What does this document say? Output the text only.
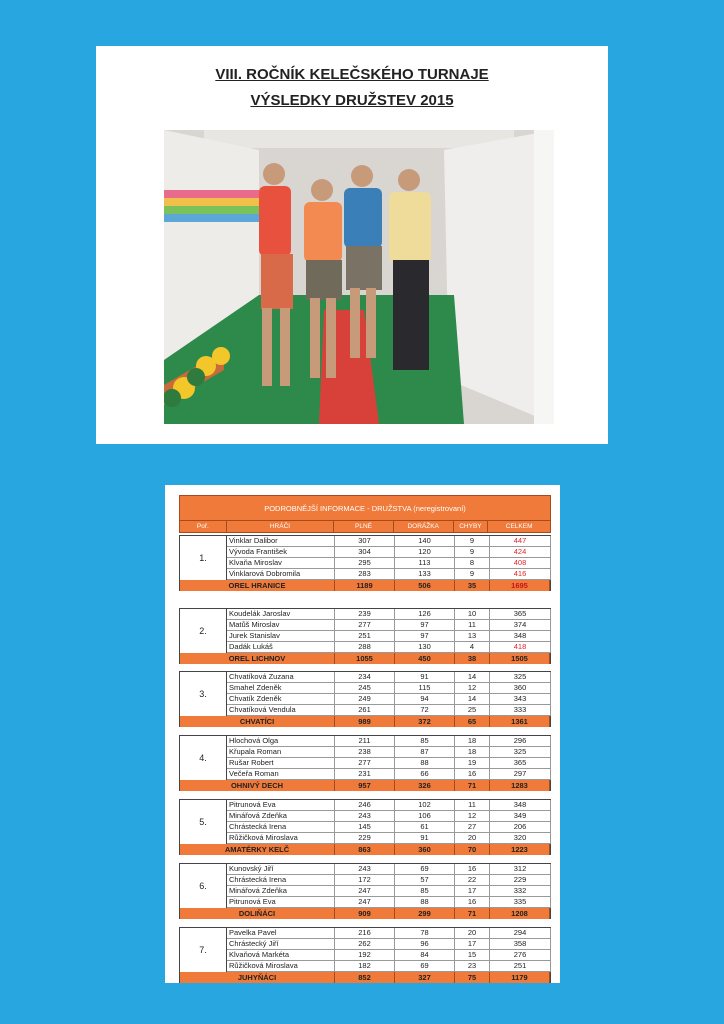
VIII. ROČNÍK KELEČSKÉHO TURNAJE
VÝSLEDKY DRUŽSTEV 2015
PODROBNĚJŠÍ INFORMACE - DRUŽSTVA (neregistrovaní)
Poř.	HRÁČI	PLNÉ	DORÁŽKA	CHYBY	CELKEM
1.
Vinklar Dalibor	307	140	9	447
Vývoda František	304	120	9	424
Klvaňa Miroslav	295	113	8	408
Vinklarová Dobromila	283	133	9	416
OREL HRANICE	1189	506	35	1695
2.
Koudelák Jaroslav	239	126	10	365
Matůš Miroslav	277	97	11	374
Jurek Stanislav	251	97	13	348
Dadák Lukáš	288	130	4	418
OREL LICHNOV	1055	450	38	1505
3.
Chvatíková Zuzana	234	91	14	325
Smahel Zdeněk	245	115	12	360
Chvatík Zdeněk	249	94	14	343
Chvatíková Vendula	261	72	25	333
CHVATÍCI	989	372	65	1361
4.
Hlochová Olga	211	85	18	296
Křupala Roman	238	87	18	325
Rušar Robert	277	88	19	365
Večeřa Roman	231	66	16	297
OHNIVÝ DECH	957	326	71	1283
5.
Pitrunová Eva	246	102	11	348
Minářová Zdeňka	243	106	12	349
Chrástecká Irena	145	61	27	206
Růžičková Miroslava	229	91	20	320
AMATÉRKY KELČ	863	360	70	1223
6.
Kunovský Jiří	243	69	16	312
Chrástecká Irena	172	57	22	229
Minářová Zdeňka	247	85	17	332
Pitrunová Eva	247	88	16	335
DOLIŇÁCI	909	299	71	1208
7.
Pavelka Pavel	216	78	20	294
Chrástecký Jiří	262	96	17	358
Klvaňová Markéta	192	84	15	276
Růžičková Miroslava	182	69	23	251
JUHYŇÁCI	852	327	75	1179
